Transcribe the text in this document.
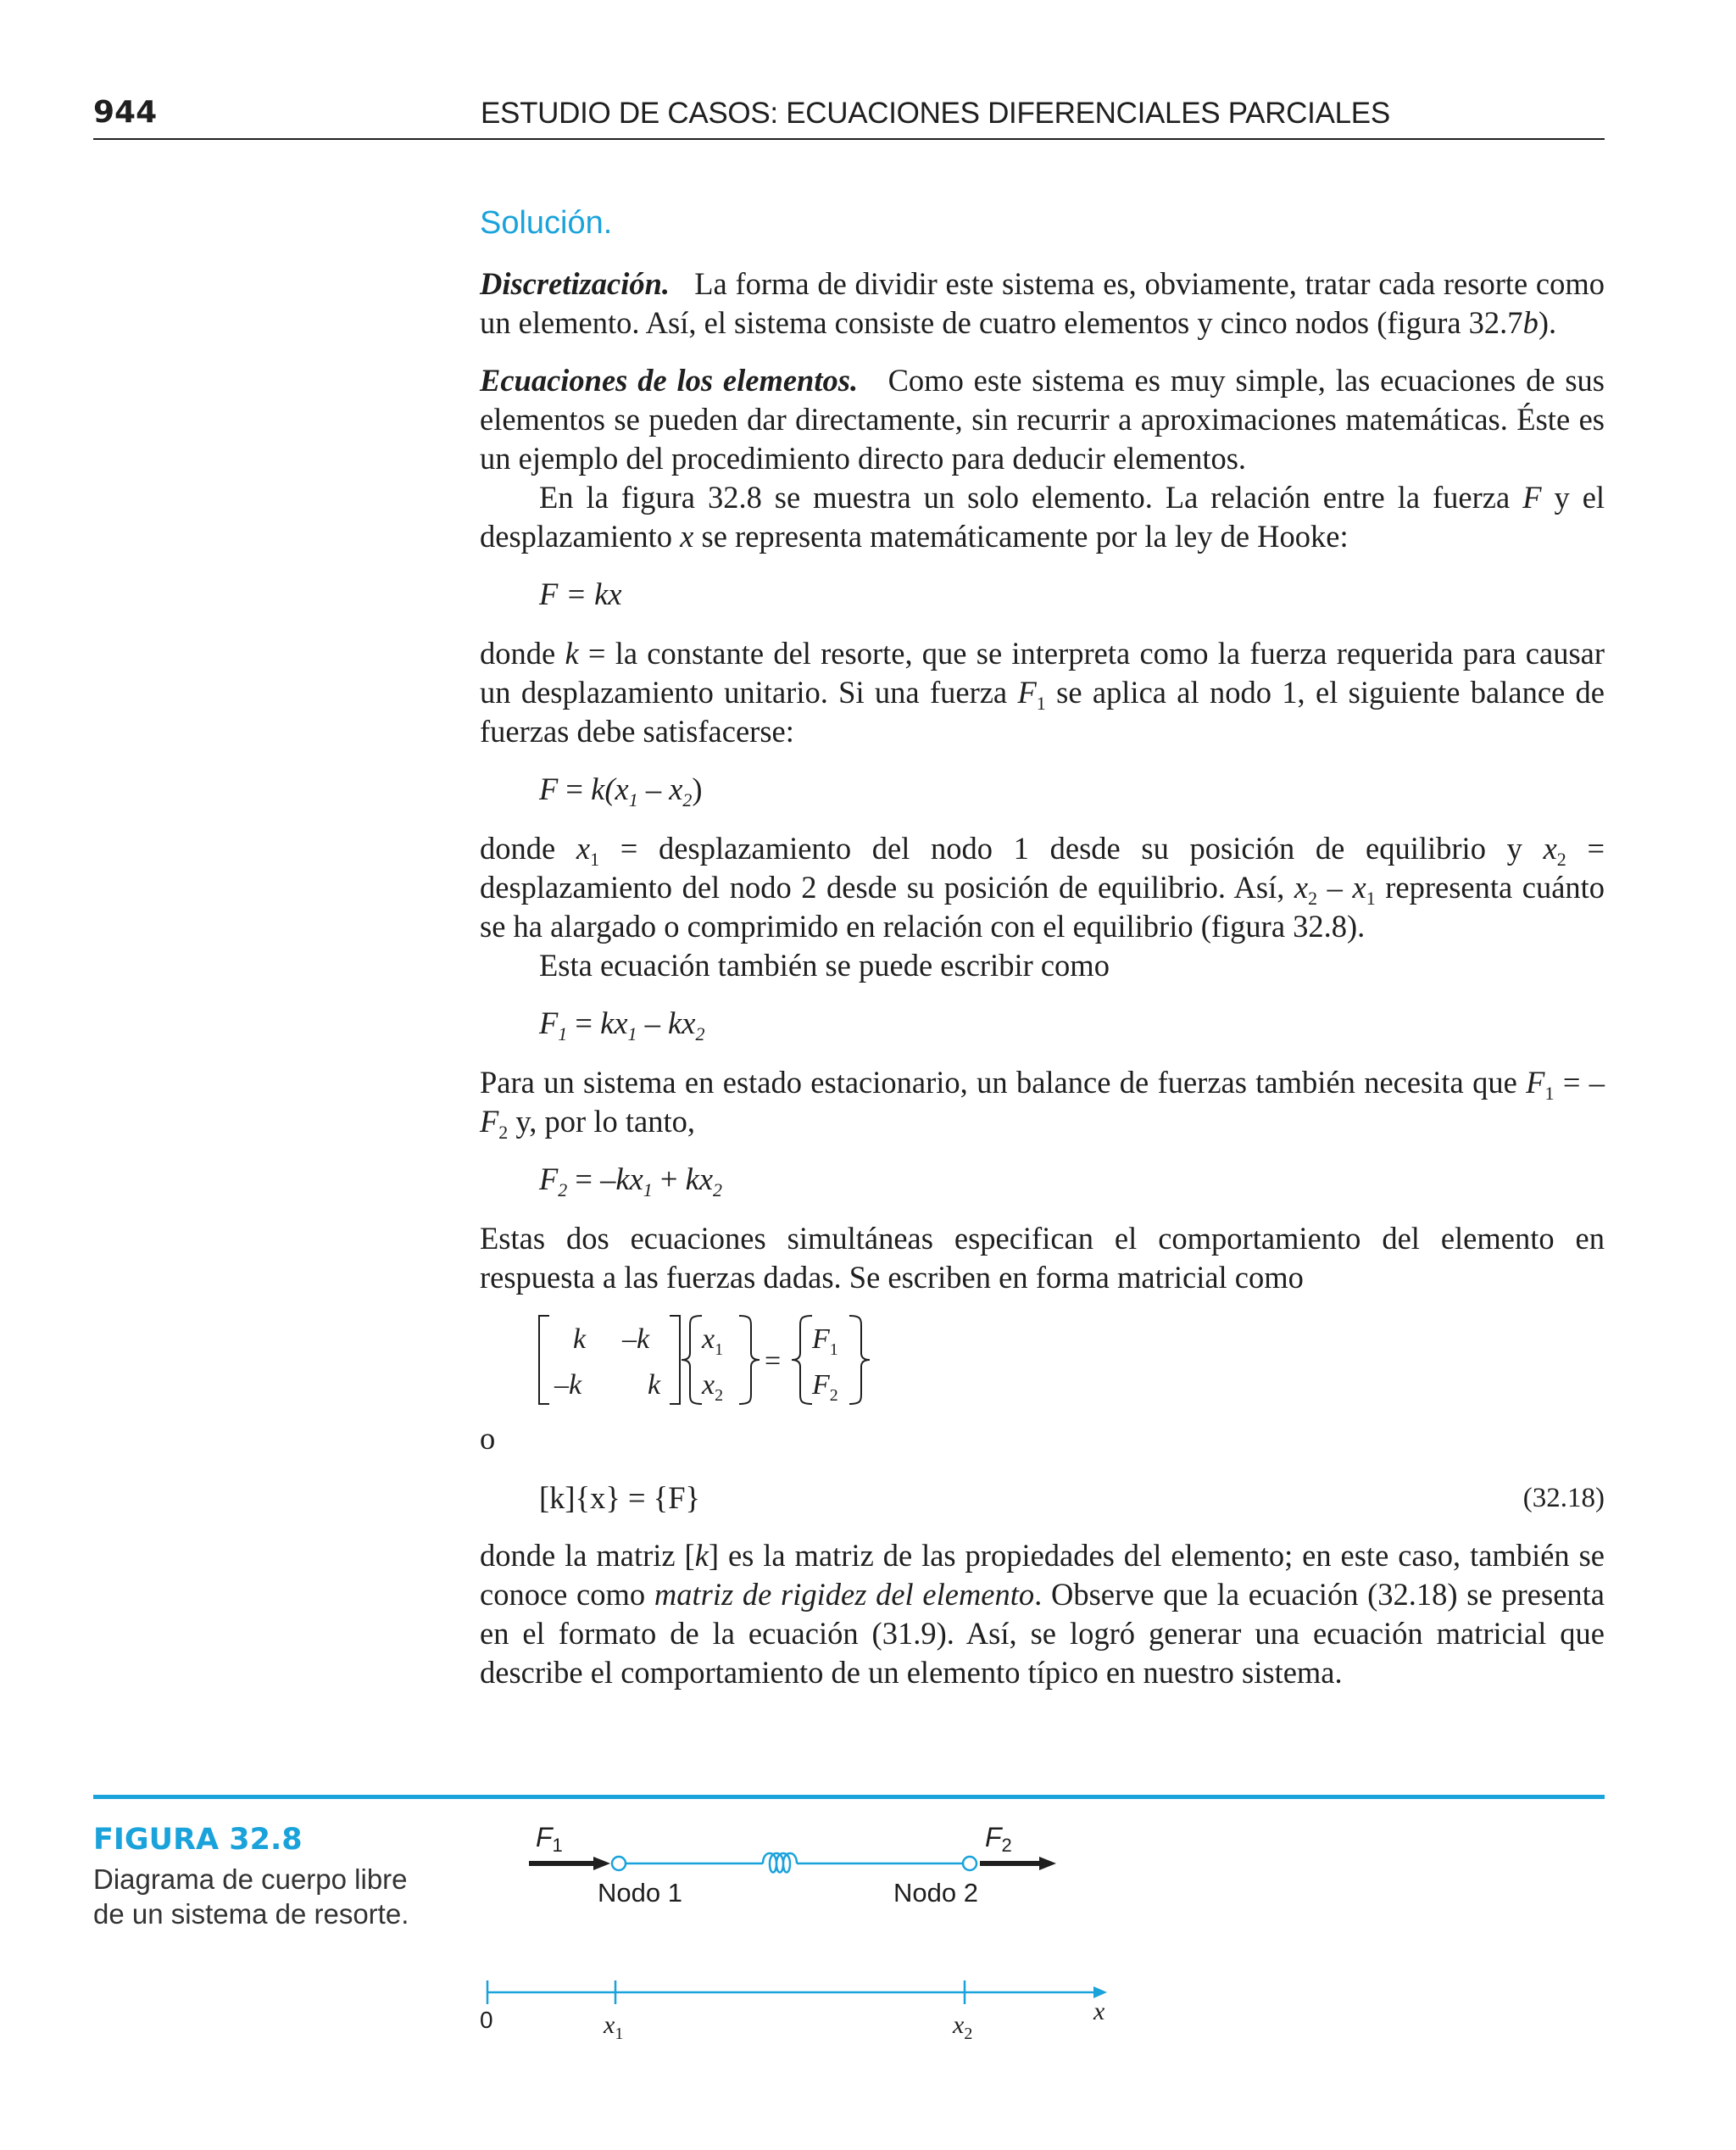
944	ESTUDIO DE CASOS: ECUACIONES DIFERENCIALES PARCIALES
Solución.

Discretización. La forma de dividir este sistema es, obviamente, tratar cada resorte como un elemento. Así, el sistema consiste de cuatro elementos y cinco nodos (figura 32.7b).

Ecuaciones de los elementos. Como este sistema es muy simple, las ecuaciones de sus elementos se pueden dar directamente, sin recurrir a aproximaciones matemáticas. Éste es un ejemplo del procedimiento directo para deducir elementos.

En la figura 32.8 se muestra un solo elemento. La relación entre la fuerza F y el desplazamiento x se representa matemáticamente por la ley de Hooke:

F = kx

donde k = la constante del resorte, que se interpreta como la fuerza requerida para causar un desplazamiento unitario. Si una fuerza $F_1$ se aplica al nodo 1, el siguiente balance de fuerzas debe satisfacerse:

$F = k(x_1 - x_2)$

donde $x_1$ = desplazamiento del nodo 1 desde su posición de equilibrio y $x_2$ = desplazamiento del nodo 2 desde su posición de equilibrio. Así, $x_2 - x_1$ representa cuánto se ha alargado o comprimido en relación con el equilibrio (figura 32.8).

Esta ecuación también se puede escribir como

$F_1 = kx_1 - kx_2$

Para un sistema en estado estacionario, un balance de fuerzas también necesita que $F_1 = -F_2$ y, por lo tanto,

$F_2 = -kx_1 + kx_2$

Estas dos ecuaciones simultáneas especifican el comportamiento del elemento en respuesta a las fuerzas dadas. Se escriben en forma matricial como

k –k
–k k
$x_1$
$x_2$
=
$F_1$
$F_2$

o

[k]{x} = {F}	(32.18)

donde la matriz [k] es la matriz de las propiedades del elemento; en este caso, también se conoce como matriz de rigidez del elemento. Observe que la ecuación (32.18) se presenta en el formato de la ecuación (31.9). Así, se logró generar una ecuación matricial que describe el comportamiento de un elemento típico en nuestro sistema.

FIGURA 32.8
Diagrama de cuerpo libre de un sistema de resorte.
F1
Nodo 1	Nodo 2
F2
0	$x_1$	$x_2$
x
